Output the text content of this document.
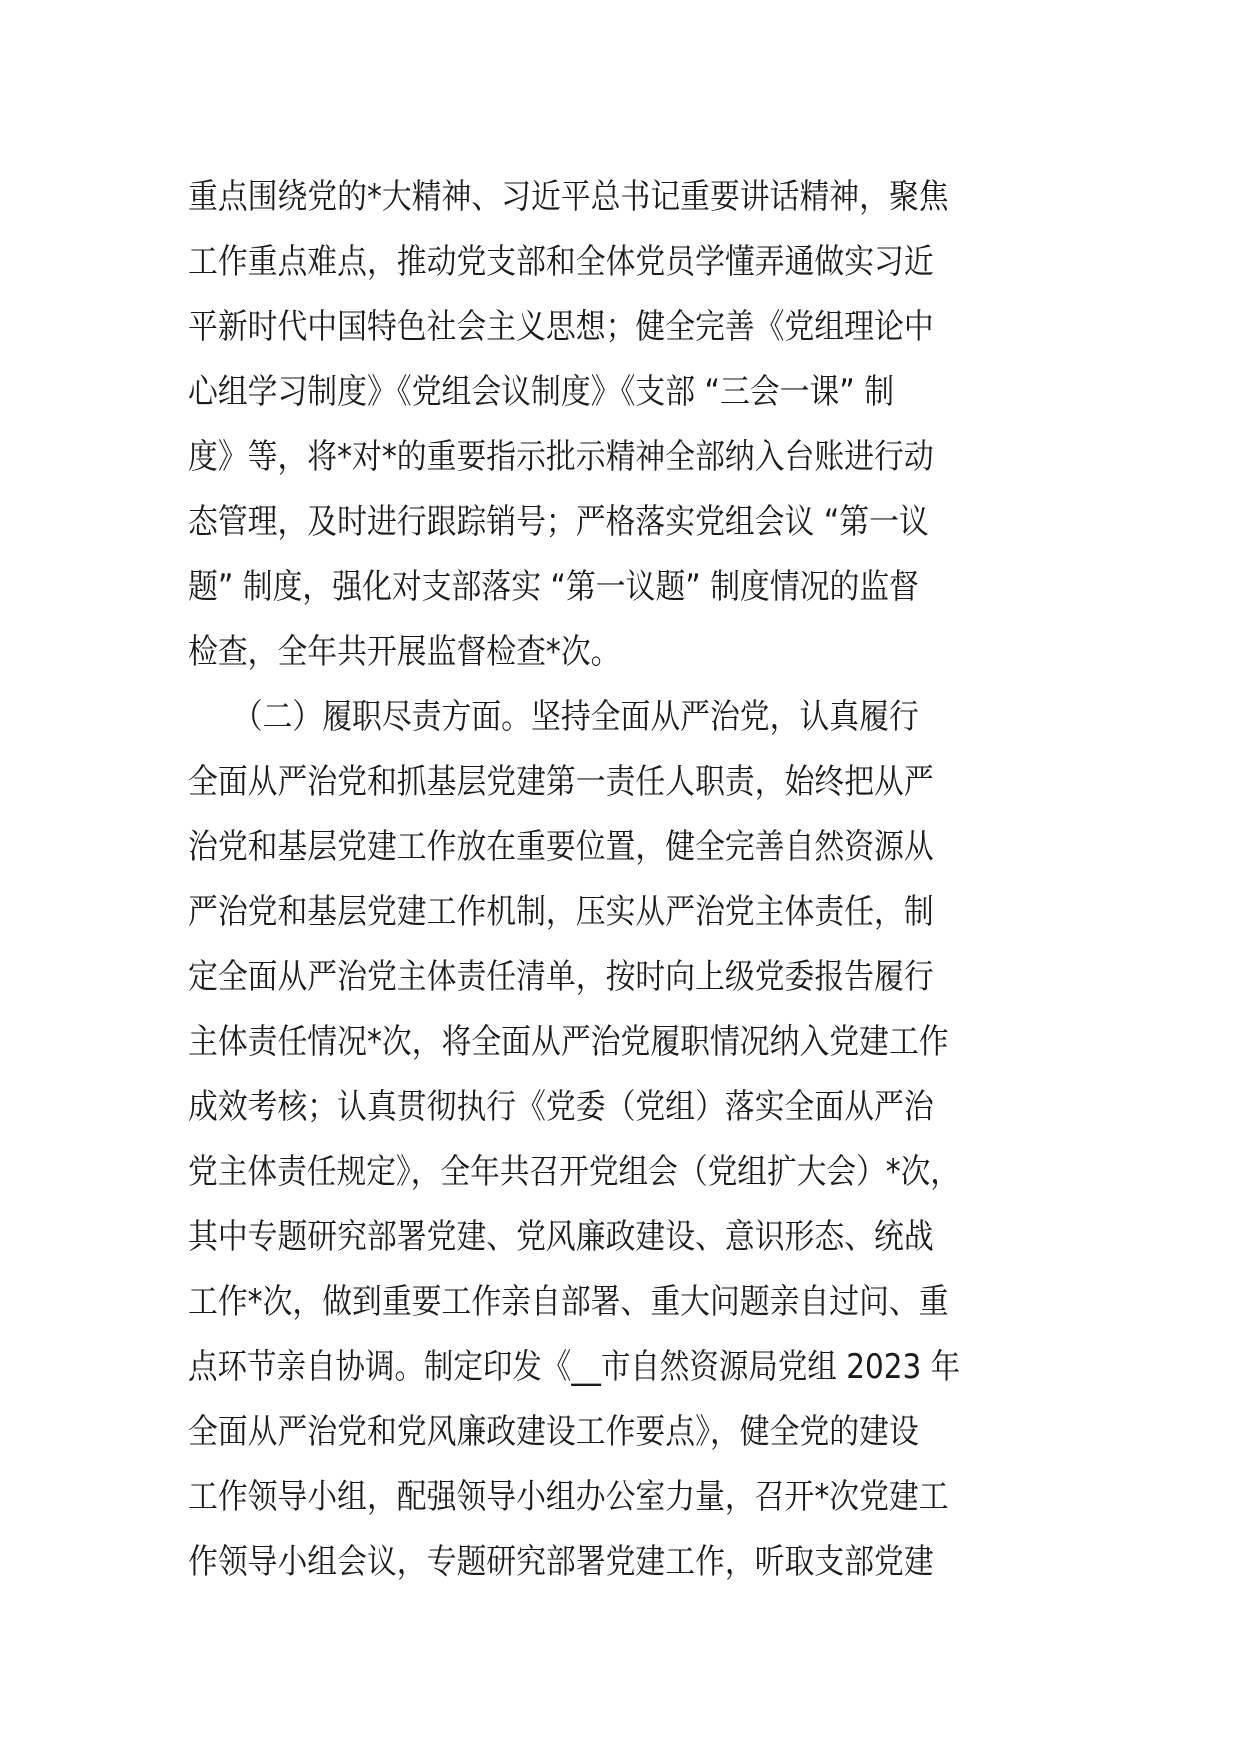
重点围绕党的*大精神、习近平总书记重要讲话精神，聚焦
工作重点难点，推动党支部和全体党员学懂弄通做实习近
平新时代中国特色社会主义思想；健全完善《党组理论中
心组学习制度》《党组会议制度》《支部 “三会一课” 制
度》等，将*对*的重要指示批示精神全部纳入台账进行动
态管理，及时进行跟踪销号；严格落实党组会议 “第一议
题” 制度，强化对支部落实 “第一议题” 制度情况的监督
检查，全年共开展监督检查*次。
　　（二）履职尽责方面。坚持全面从严治党，认真履行
全面从严治党和抓基层党建第一责任人职责，始终把从严
治党和基层党建工作放在重要位置，健全完善自然资源从
严治党和基层党建工作机制，压实从严治党主体责任，制
定全面从严治党主体责任清单，按时向上级党委报告履行
主体责任情况*次，将全面从严治党履职情况纳入党建工作
成效考核；认真贯彻执行《党委（党组）落实全面从严治
党主体责任规定》，全年共召开党组会（党组扩大会）*次，
其中专题研究部署党建、党风廉政建设、意识形态、统战
工作*次，做到重要工作亲自部署、重大问题亲自过问、重
点环节亲自协调。制定印发《__市自然资源局党组 2023 年
全面从严治党和党风廉政建设工作要点》，健全党的建设
工作领导小组，配强领导小组办公室力量，召开*次党建工
作领导小组会议，专题研究部署党建工作，听取支部党建
